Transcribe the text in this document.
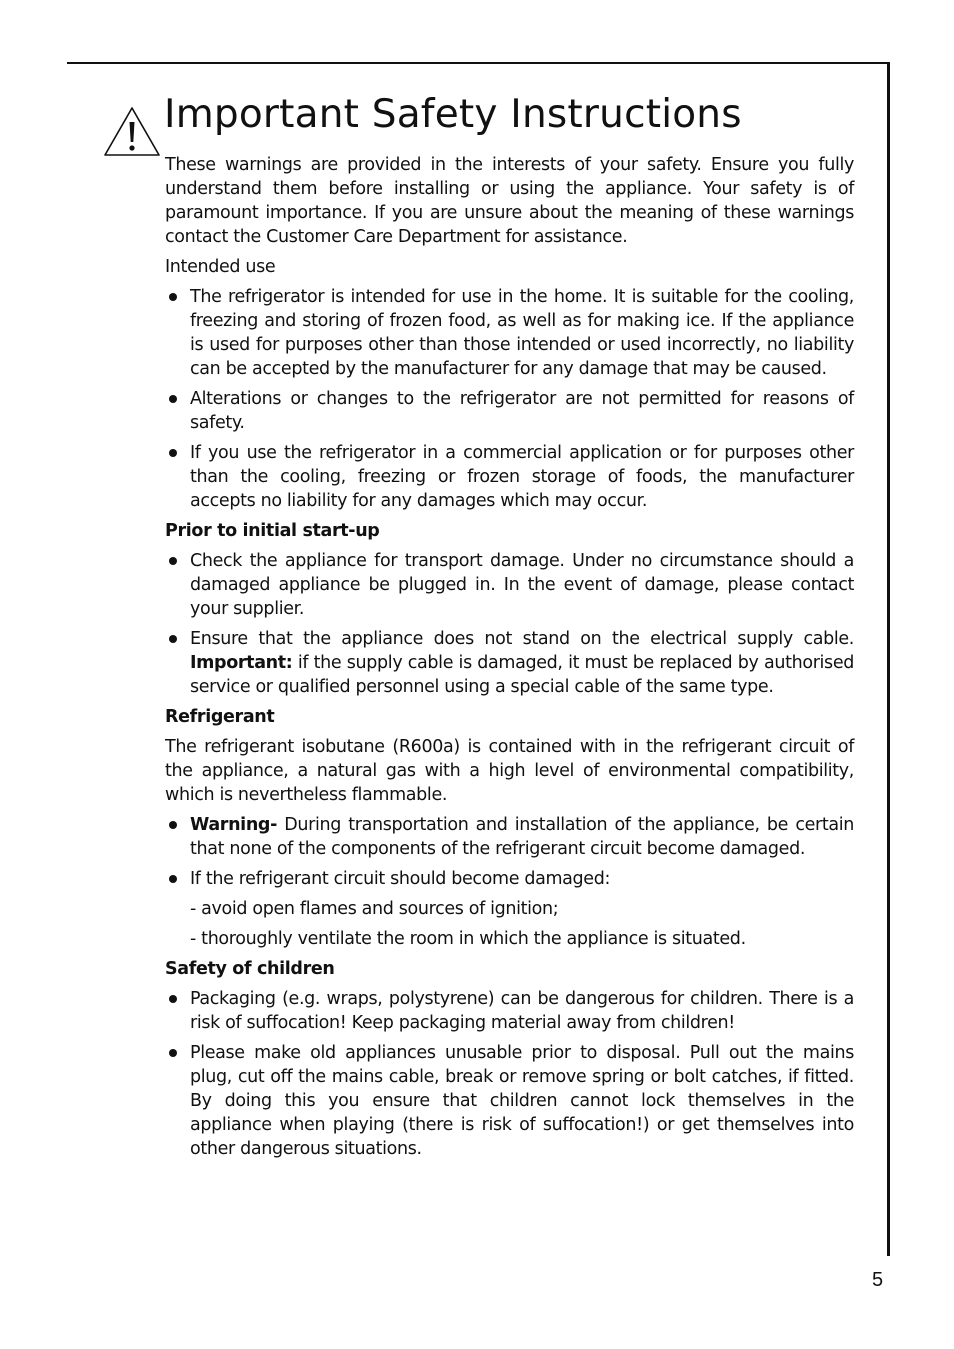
Important Safety Instructions

These warnings are provided in the interests of your safety. Ensure you fully understand them before installing or using the appliance. Your safety is of paramount importance. If you are unsure about the meaning of these warnings contact the Customer Care Department for assistance.

Intended use
The refrigerator is intended for use in the home. It is suitable for the cooling, freezing and storing of frozen food, as well as for making ice. If the appliance is used for purposes other than those intended or used incorrectly, no liability can be accepted by the manufacturer for any damage that may be caused.
Alterations or changes to the refrigerator are not permitted for reasons of safety.
If you use the refrigerator in a commercial application or for purposes other than the cooling, freezing or frozen storage of foods, the manufacturer accepts no liability for any damages which may occur.
Prior to initial start-up
Check the appliance for transport damage. Under no circumstance should a damaged appliance be plugged in. In the event of damage, please contact your supplier.
Ensure that the appliance does not stand on the electrical supply cable. Important: if the supply cable is damaged, it must be replaced by authorised service or qualified personnel using a special cable of the same type.
Refrigerant

The refrigerant isobutane (R600a) is contained with in the refrigerant circuit of the appliance, a natural gas with a high level of environmental compatibility, which is nevertheless flammable.

Warning- During transportation and installation of the appliance, be certain that none of the components of the refrigerant circuit become damaged.
If the refrigerant circuit should become damaged:
- avoid open flames and sources of ignition;
- thoroughly ventilate the room in which the appliance is situated.
Safety of children
Packaging (e.g. wraps, polystyrene) can be dangerous for children. There is a risk of suffocation! Keep packaging material away from children!
Please make old appliances unusable prior to disposal. Pull out the mains plug, cut off the mains cable, break or remove spring or bolt catches, if fitted. By doing this you ensure that children cannot lock themselves in the appliance when playing (there is risk of suffocation!) or get themselves into other dangerous situations.
5
